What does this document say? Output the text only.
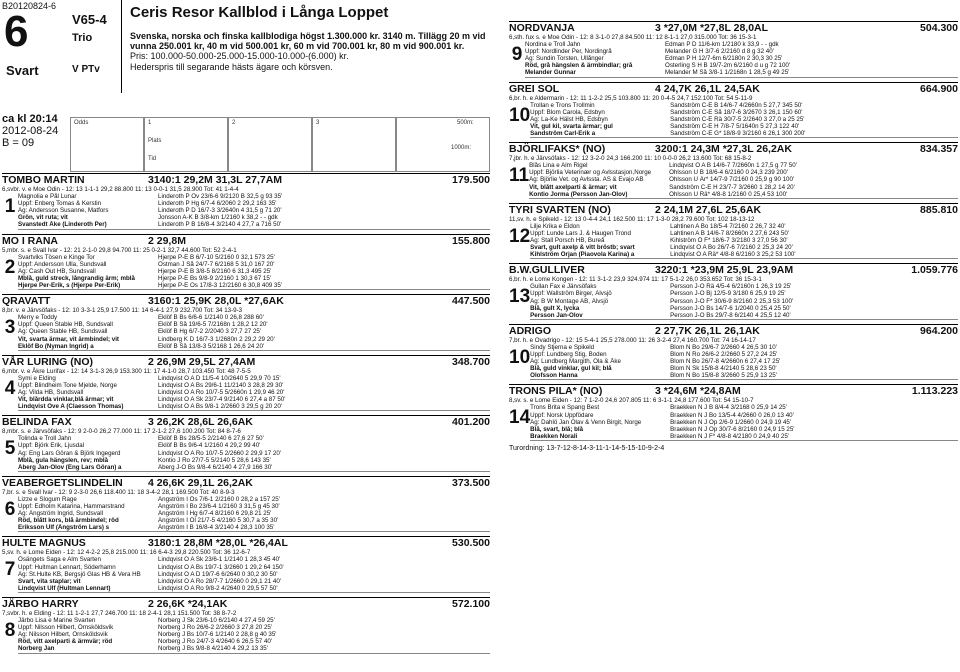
B20120824-6
6
Svart
V65-4
Trio
V PTv
Ceris Resor Kallblod i Långa Loppet
Svenska, norska och finska kallblodiga högst 1.300.000 kr. 3140 m. Tillägg 20 m vid vunna 250.001 kr, 40 m vid 500.001 kr, 60 m vid 700.001 kr, 80 m vid 900.001 kr.
Pris: 100.000-50.000-25.000-15.000-10.000-(6.000) kr.
Hederspris till segarande hästs ägare och körsven.
ca kl 20:14
2012-08-24
B = 09
Odds	1
Plats
Tid
2	3	500m:
1000m:
TOMBO MARTIN	3140:1 29,2M 31,3L 27,7AM	179.500
6,svbr. v. e Moe Odin - 12: 13 1-1-1 29,2 88.800 11: 13 0-0-1 31,5 28.900 Tot: 41 1-4-4
1 Magnolia e Pål Lunar	Linderoth P Ov 23/6-6 9/2120 B 32,5 g 93 35'
Uppf: Enberg Tomas & Kerstin	Linderoth P Hg 6/7-4 6/2060 2 29,2 163 35'
Äg: Andersson Susanne, Matfors	Linderoth P D 16/7-3 3/2640n 4 31,5 g 71 20'
Grön, vit ruta; vit	Jonsson A-K B 3/8-km 1/2160 k 38,2 - - gdk
Svanstedt Åke (Linderoth Per)	Linderoth P B 16/8-4 3/2140 4 27,7 a 716 50'
MO I RANA	2 29,8M	155.800
5,mbr. s. e Svall Ivar - 12: 21 2-1-0 29,8 94.700 11: 25 0-2-1 32,7 44.600 Tot: 52 2-4-1
2 Svartviks Tösen e Kinge Tor	Hjerpe P-E B 6/7-10 5/2160 0 32,1 573 25'
Uppf: Andersson Ulla, Sundsvall	Östman J Så 24/7-7 6/2168 5 31,0 167 20'
Äg: Cash Out HB, Sundsvall	Hjerpe P-E B 3/8-5 8/2160 6 31,3 495 25'
Mblå, guld streck, långrandig ärm; mblå	Hjerpe P-E Bs 9/8-9 2/2160 1 30,3 67 15'
Hjerpe Per-Erik, s (Hjerpe Per-Erik)	Hjerpe P-E Os 17/8-3 12/2160 6 30,8 409 35'
QRAVATT	3160:1 25,9K 28,0L *27,6AK	447.500
8,br. v. e Järvsöfaks - 12: 10 3-3-1 25,9 17.500 11: 14 6-4-1 27,9 232.700 Tot: 34 13-9-3
3 Merry e Toddy	Eklöf B Bs 6/6-6 1/2140 0 26,8 288 60'
Uppf: Queen Stable HB, Sundsvall	Eklöf B Så 19/6-5 7/2168n 1 28,2 12 20'
Äg: Queen Stable HB, Sundsvall	Eklöf B Hg 6/7-2 2/2040 3 27,7 27 25'
Vit, svarta ärmar, vit ärmbindel; vit	Lindberg K D 16/7-3 1/2680n 2 29,2 29 20'
Eklöf Bo (Nyman Ingrid) a	Eklöf B Så 13/8-3 5/2168 1 26,6 24 20'
VÅR LURING (NO)	2 26,9M 29,5L 27,4AM	348.700
6,mbr. v. e Åkre Lurifax - 12: 14 3-1-3 26,9 153.300 11: 17 4-1-0 28,7 103.450 Tot: 48 7-5-5
4 Symi e Elding	Lindqvist O A D 11/5-4 10/2640 5 29,9 70 15'
Uppf: Blindheim Tone Mjelde, Norge	Lindqvist O A Bs 29/6-1 11/2140 3 28,8 29 30'
Äg: Vilda HB, Sundsvall	Lindqvist O A Ro 10/7-5 5/2660n 1 29,9 46 20'
Vit, blårdda vinklar,blå ärmar; vit	Lindqvist O A Sk 23/7-4 9/2140 6 27,4 a 87 50'
Lindqvist Ove A (Claesson Thomas)	Lindqvist O A Bs 9/8-1 2/2660 3 29,5 g 20 20'
BELINDA FAX	3 26,2K 28,6L 26,6AK	401.200
8,mbr. s. e Järvsöfaks - 12: 9 2-0-0 26,2 77.000 11: 17 2-1-2 27,6 100.200 Tot: 84 8-7-6
5 Tolinda e Troll Jahn	Eklöf B Bs 28/5-5 2/2140 6 27,6 27 50'
Uppf: Björk Erik, Ljusdal	Eklöf B Bs 9/6-4 1/2160 4 29,2 99 40'
Äg: Eng Lars Göran & Björk Ingegerd	Lindqvist O A Ro 10/7-5 2/2660 2 29,9 17 20'
Mblå, gula hängslen, rev; mblå	Kontio J Ro 27/7-5 5/2140 5 28,6 143 35'
Äberg Jan-Olov (Eng Lars Göran) a	Äberg J-O Bs 9/8-4 6/2140 4 27,9 166 30'
VEABERGETSLINDELIN	4 26,6K 29,1L 26,2AK	373.500
7,br. s. e Svall Ivar - 12: 9 2-3-0 26,6 118.400 11: 18 3-4-2 28,1 169.500 Tot: 40 8-9-3
6 Lizze e Slogum Rage	Ängström I Ös 7/6-1 2/2160 0 28,2 a 157 25'
Uppf: Edholm Katarina, Hammarstrand	Ängström I Bo 23/6-4 1/2160 3 31,5 g 45 30'
Äg: Ängström Ingrid, Sundsvall	Ängström I Hg 6/7-4 8/2160 6 29,8 21 25'
Röd, blått kors, blå ärmbindel; röd	Ängström I Öl 21/7-5 4/2160 5 30,7 a 35 30'
Eriksson Ulf (Ängström Lars) s	Ängström I B 16/8-4 3/2140 4 28,3 100 35'
HULTE MAGNUS	3180:1 28,8M *28,0L *26,4AL	530.500
5,sv. h. e Lome Eiden - 12: 12 4-2-2 25,8 215.000 11: 16 6-4-3 29,8 220.500 Tot: 36 12-6-7
7 Ösängets Saga e Alm Svarten	Lindqvist O A Sk 23/6-1 1/2140 1 28,3 45 40'
Uppf: Hultman Lennart, Söderhamn	Lindqvist O A Bs 19/7-1 3/2660 1 29,2 64 150'
Äg: St.Hulte KB, Bergsjö Glas HB & Vera HB	Lindqvist O A D 19/7-6 6/2640 0 30,2 30 50'
Svart, vita staplar; vit	Lindqvist O A Ro 28/7-7 1/2660 0 29,1 21 40'
Lindqvist Ulf (Hultman Lennart)	Lindqvist O A Ro 9/8-2 4/2640 0 29,5 57 50'
JÄRBO HARRY	2 26,6K *24,1AK	572.100
7,svbr. h. e Elding - 12: 11 1-2-1 27,7 246.700 11: 18 2-4-1 28,1 151.500 Tot: 38 8-7-2
8 Järbo Lisa e Marine Svarten	Norberg J Sk 23/6-10 6/2140 4 27,4 59 25'
Uppf: Nilsson Hilbert, Örnsköldsvik	Norberg J Ro 26/6-2 2/2660 3 27,8 20 25'
Äg: Nilsson Hilbert, Örnsköldsvik	Norberg J Bs 10/7-6 1/2140 2 28,8 g 40 35'
Röd, vitt axelparti & ärmvär; röd	Norberg J Ro 24/7-3 4/2640 6 26,5 57 40'
Norberg Jan	Norberg J Bs 9/8-8 4/2140 4 29,2 13 35'
NORDVANJA	3 *27,0M *27,8L 28,0AL	504.300
6,sth. fux s. e Moe Odin - 12: 8 3-1-0 27,8 84.500 11: 12 8-1-1 27,0 315.000 Tot: 36 15-3-1
9 Nordina e Troll Jahn	Edman P D 11/6-km 1/2180 k 33,9 - - gdk
Uppf: Nordlinder Per, Nordingrå	Melander G H 3/7-6 2/2160 d 8 g 32 40'
Äg: Sundin Torsten, Ullånger	Edman P H 12/7-6m 6/2180n 2 30,3 30 25'
Röd, grå hängslen & ärmbindlar; grå	Österling S H B 19/7-2m 6/2160 d u g 72 100'
Melander Gunnar	Melander M Så 3/8-1 1/2168n 1 28,5 g 49 25'
GREI SOL	4 24,7K 26,1L 24,5AK	664.900
6,br. h. e Aldermarin - 12: 11 1-2-2 25,5 103.800 11: 20 0-4-5 24,7 152.100 Tot: 54 5-11-9
10 Trollan e Trons Trollmin	Sandström C-E B 14/6-7 4/2660n 5 27,7 345 50'
Uppf: Blom Carola, Edsbyn	Sandström C-E Så 18/7-6 3/2670 3 26,1 150 60'
Äg: La-Ke Hälst HB, Edsbyn	Sandström C-E Rä 30/7-5 2/2640 3 27,0 a 25 25'
Vit, gul kil, svarta ärmar; gul	Sandström C-E H 7/8-7 5/1640n 5 27,3 122 40'
Sandström Carl-Erik a	Sandström C-E G* 18/8-9 3/2160 6 26,1 300 200'
BJÖRLIFAKS* (NO)	3200:1 24,3M *27,3L 26,2AK	834.357
7,jbr. h. e Järvsöfaks - 12: 12 3-2-0 24,3 166.200 11: 10 0-0-0 26,2 13.600 Tot: 68 15-8-2
11 Blås Lina e Alm Rigel	Lindqvist O A B 14/6-7 7/2660n 1 27,5 g 77 50'
Uppf: Björlia Veterinær og Avlsstasjon,Norge	Ohlsson U B 18/6-4 6/2160 0 24,3 239 200'
Äg: Björlie Vet. og Avlssta. AS & Evajo AB	Ohlsson U Är* 14/7-9 7/2160 0 25,9 g 90 100'
Vit, blått axelparti & ärmar; vit	Sandström C-E H 23/7-7 3/2660 1 28,2 14 20'
Kontio Jorma (Persson Jan-Olov)	Ohlsson U Rä* 4/8-8 1/2160 0 25,4 53 100'
TYRI SVARTEN (NO)	2 24,1M 27,6L 25,6AK	885.810
11,sv. h. e Spikeld - 12: 13 0-4-4 24,1 162.500 11: 17 1-3-0 28,2 79.600 Tot: 102 18-13-12
12 Lilje Krika e Eldon	Lahtinen A Bo 18/5-4 7/2160 2 26,7 32 40'
Uppf: Lunde Lars J. & Haugen Trond	Lahtinen A B 14/6-7 8/2660n 2 27,6 243 50'
Äg: Stall Porsch HB, Bureå	Kihlström Ö F* 18/6-7 3/2180 3 27,0 56 30'
Svart, gult axelp & vitt bröstb; svart	Lindqvist O A Bo 26/7-6 7/2160 2 25,3 24 20'
Kihlström Örjan (Piaovola Karina) a	Lindqvist O A Rä* 4/8-8 6/2160 3 25,2 53 100'
B.W.GULLIVER	3220:1 *23,9M 25,9L 23,9AM	1.059.776
6,br. h. e Lome Kongen - 12: 11 3-1-2 23,9 324.974 11: 17 5-1-2 26,0 353.652 Tot: 36 15-3-1
13 Gullan Fax e Järvsöfaks	Persson J-O Rä 4/5-4 6/2160n 1 26,3 19 25'
Uppf: Wallström Birger, Älvsjö	Persson J-O Bj 12/5-9 3/180 6 25,9 19 25'
Äg: B W Montage AB, Älvsjö	Persson J-O F* 30/6-9 8/2160 2 25,3 53 100'
Blå, gult X, lycka	Persson J-O Bs 14/7-6 1/2040 0 25,4 25 50'
Persson Jan-Olov	Persson J-O Bs 29/7-8 6/2140 4 25,5 12 40'
ADRIGO	2 27,7K 26,1L 26,1AK	964.200
7,br. h. e Ovadrigo - 12: 15 5-4-1 25,5 278.000 11: 26 3-2-4 27,4 160.700 Tot: 74 16-14-17
10 Sindy Stjerna e Spikeld	Blom N Bo 29/6-7 2/2660 4 26,5 30 10'
Uppf: Lundberg Stig, Boden	Blom N Ro 26/6-2 2/2660 5 27,2 24 25'
Äg: Lundberg Margith, Ola & Åke	Blom N Bo 26/7-8 4/2660n 6 27,4 17 25'
Blå, guld vinklar, gul kil; blå	Blom N Sk 15/8-8 4/2140 5 28,6 23 50'
Olofsson Hanna	Blom N Bo 15/8-8 3/2660 5 25,9 13 25'
TRONS PILA* (NO)	3 *24,6M *24,8AM	1.113.223
8,sv. s. e Lome Eiden - 12: 7 1-2-0 24,6 207.805 11: 6 3-1-1 24,8 177.600 Tot: 54 15-10-7
14 Trons Brita e Spang Best	Braekken N J B 8/4-4 3/2168 0 25,9 14 25'
Uppf: Norsk Uppfödare	Braekken N J Bo 13/5-4 4/2660 0 26,0 13 40'
Äg: Dahlö Jan Olav & Venn Birgit, Norge	Braekken N J Op 2/6-9 1/2660 0 24,9 19 45'
Blå, svart, blå; blå	Braekken N J Op 30/7-6 8/2160 0 24,9 15 25'
Braekken Norali	Braekken N J F* 4/8-8 4/2180 0 24,9 40 25'
Turordning: 13-7-12-8-14-3-11-1-14-5-15-10-9-2-4
